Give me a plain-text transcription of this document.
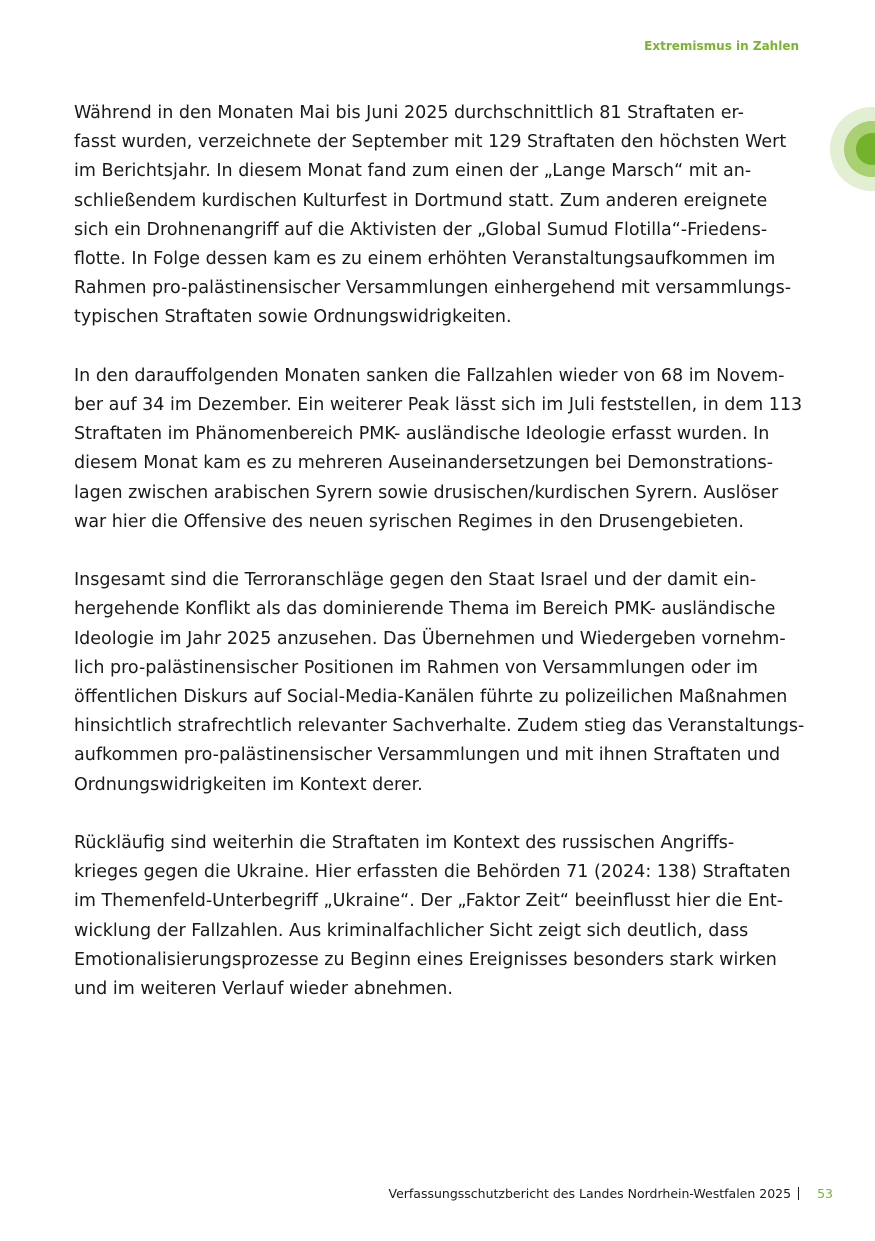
Extremismus in Zahlen

Während in den Monaten Mai bis Juni 2025 durchschnittlich 81 Straftaten er-
fasst wurden, verzeichnete der September mit 129 Straftaten den höchsten Wert
im Berichtsjahr. In diesem Monat fand zum einen der „Lange Marsch“ mit an-
schließendem kurdischen Kulturfest in Dortmund statt. Zum anderen ereignete
sich ein Drohnenangriff auf die Aktivisten der „Global Sumud Flotilla“-Friedens-
flotte. In Folge dessen kam es zu einem erhöhten Veranstaltungsaufkommen im
Rahmen pro-palästinensischer Versammlungen einhergehend mit versammlungs-
typischen Straftaten sowie Ordnungswidrigkeiten.

In den darauffolgenden Monaten sanken die Fallzahlen wieder von 68 im Novem-
ber auf 34 im Dezember. Ein weiterer Peak lässt sich im Juli feststellen, in dem 113
Straftaten im Phänomenbereich PMK- ausländische Ideologie erfasst wurden. In
diesem Monat kam es zu mehreren Auseinandersetzungen bei Demonstrations-
lagen zwischen arabischen Syrern sowie drusischen/kurdischen Syrern. Auslöser
war hier die Offensive des neuen syrischen Regimes in den Drusengebieten.

Insgesamt sind die Terroranschläge gegen den Staat Israel und der damit ein-
hergehende Konflikt als das dominierende Thema im Bereich PMK- ausländische
Ideologie im Jahr 2025 anzusehen. Das Übernehmen und Wiedergeben vornehm-
lich pro-palästinensischer Positionen im Rahmen von Versammlungen oder im
öffentlichen Diskurs auf Social-Media-Kanälen führte zu polizeilichen Maßnahmen
hinsichtlich strafrechtlich relevanter Sachverhalte. Zudem stieg das Veranstaltungs-
aufkommen pro-palästinensischer Versammlungen und mit ihnen Straftaten und
Ordnungswidrigkeiten im Kontext derer.

Rückläufig sind weiterhin die Straftaten im Kontext des russischen Angriffs-
krieges gegen die Ukraine. Hier erfassten die Behörden 71 (2024: 138) Straftaten
im Themenfeld-Unterbegriff „Ukraine“. Der „Faktor Zeit“ beeinflusst hier die Ent-
wicklung der Fallzahlen. Aus kriminalfachlicher Sicht zeigt sich deutlich, dass
Emotionalisierungsprozesse zu Beginn eines Ereignisses besonders stark wirken
und im weiteren Verlauf wieder abnehmen.

Verfassungsschutzbericht des Landes Nordrhein-Westfalen 2025 53
